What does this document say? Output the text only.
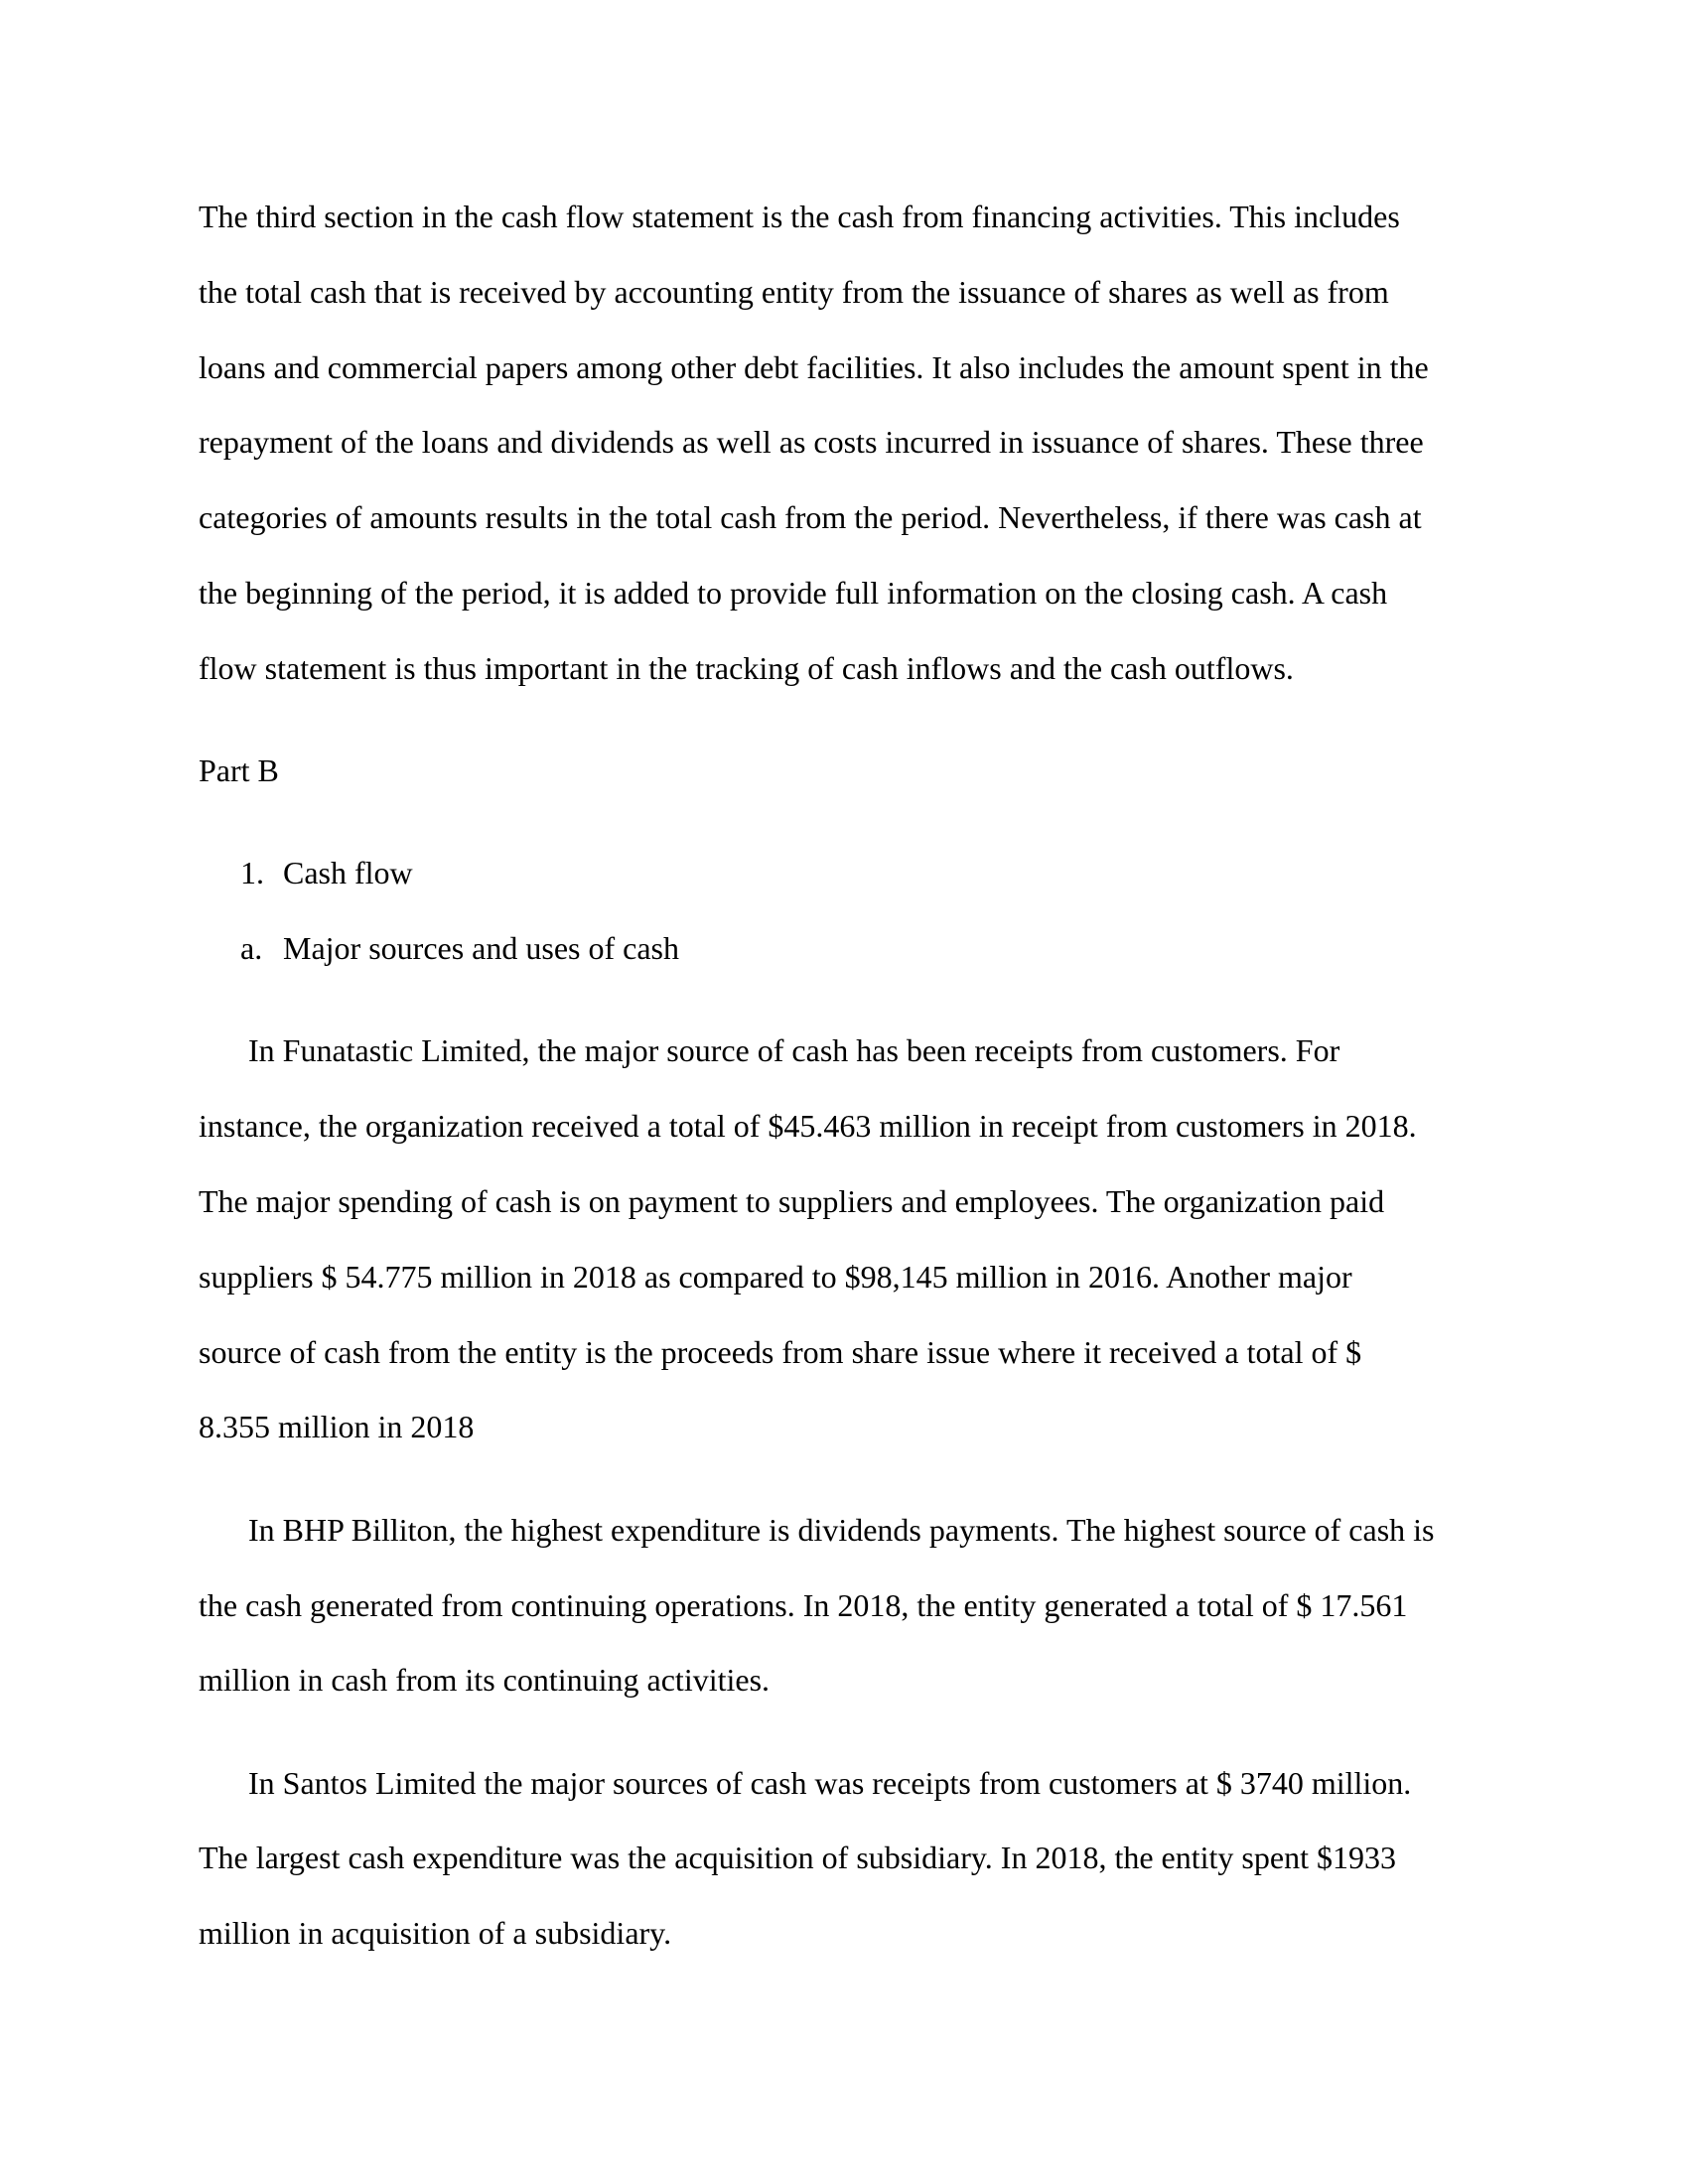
The third section in the cash flow statement is the cash from financing activities. This includes
the total cash that is received by accounting entity from the issuance of shares as well as from
loans and commercial papers among other debt facilities. It also includes the amount spent in the
repayment of the loans and dividends as well as costs incurred in issuance of shares. These three
categories of amounts results in the total cash from the period. Nevertheless, if there was cash at
the beginning of the period, it is added to provide full information on the closing cash. A cash
flow statement is thus important in the tracking of cash inflows and the cash outflows.

Part B

1. Cash flow
a. Major sources and uses of cash

In Funatastic Limited, the major source of cash has been receipts from customers. For
instance, the organization received a total of $45.463 million in receipt from customers in 2018.
The major spending of cash is on payment to suppliers and employees. The organization paid
suppliers $ 54.775 million in 2018 as compared to $98,145 million in 2016. Another major
source of cash from the entity is the proceeds from share issue where it received a total of $
8.355 million in 2018

In BHP Billiton, the highest expenditure is dividends payments. The highest source of cash is
the cash generated from continuing operations. In 2018, the entity generated a total of $ 17.561
million in cash from its continuing activities.

In Santos Limited the major sources of cash was receipts from customers at $ 3740 million.
The largest cash expenditure was the acquisition of subsidiary. In 2018, the entity spent $1933
million in acquisition of a subsidiary.
